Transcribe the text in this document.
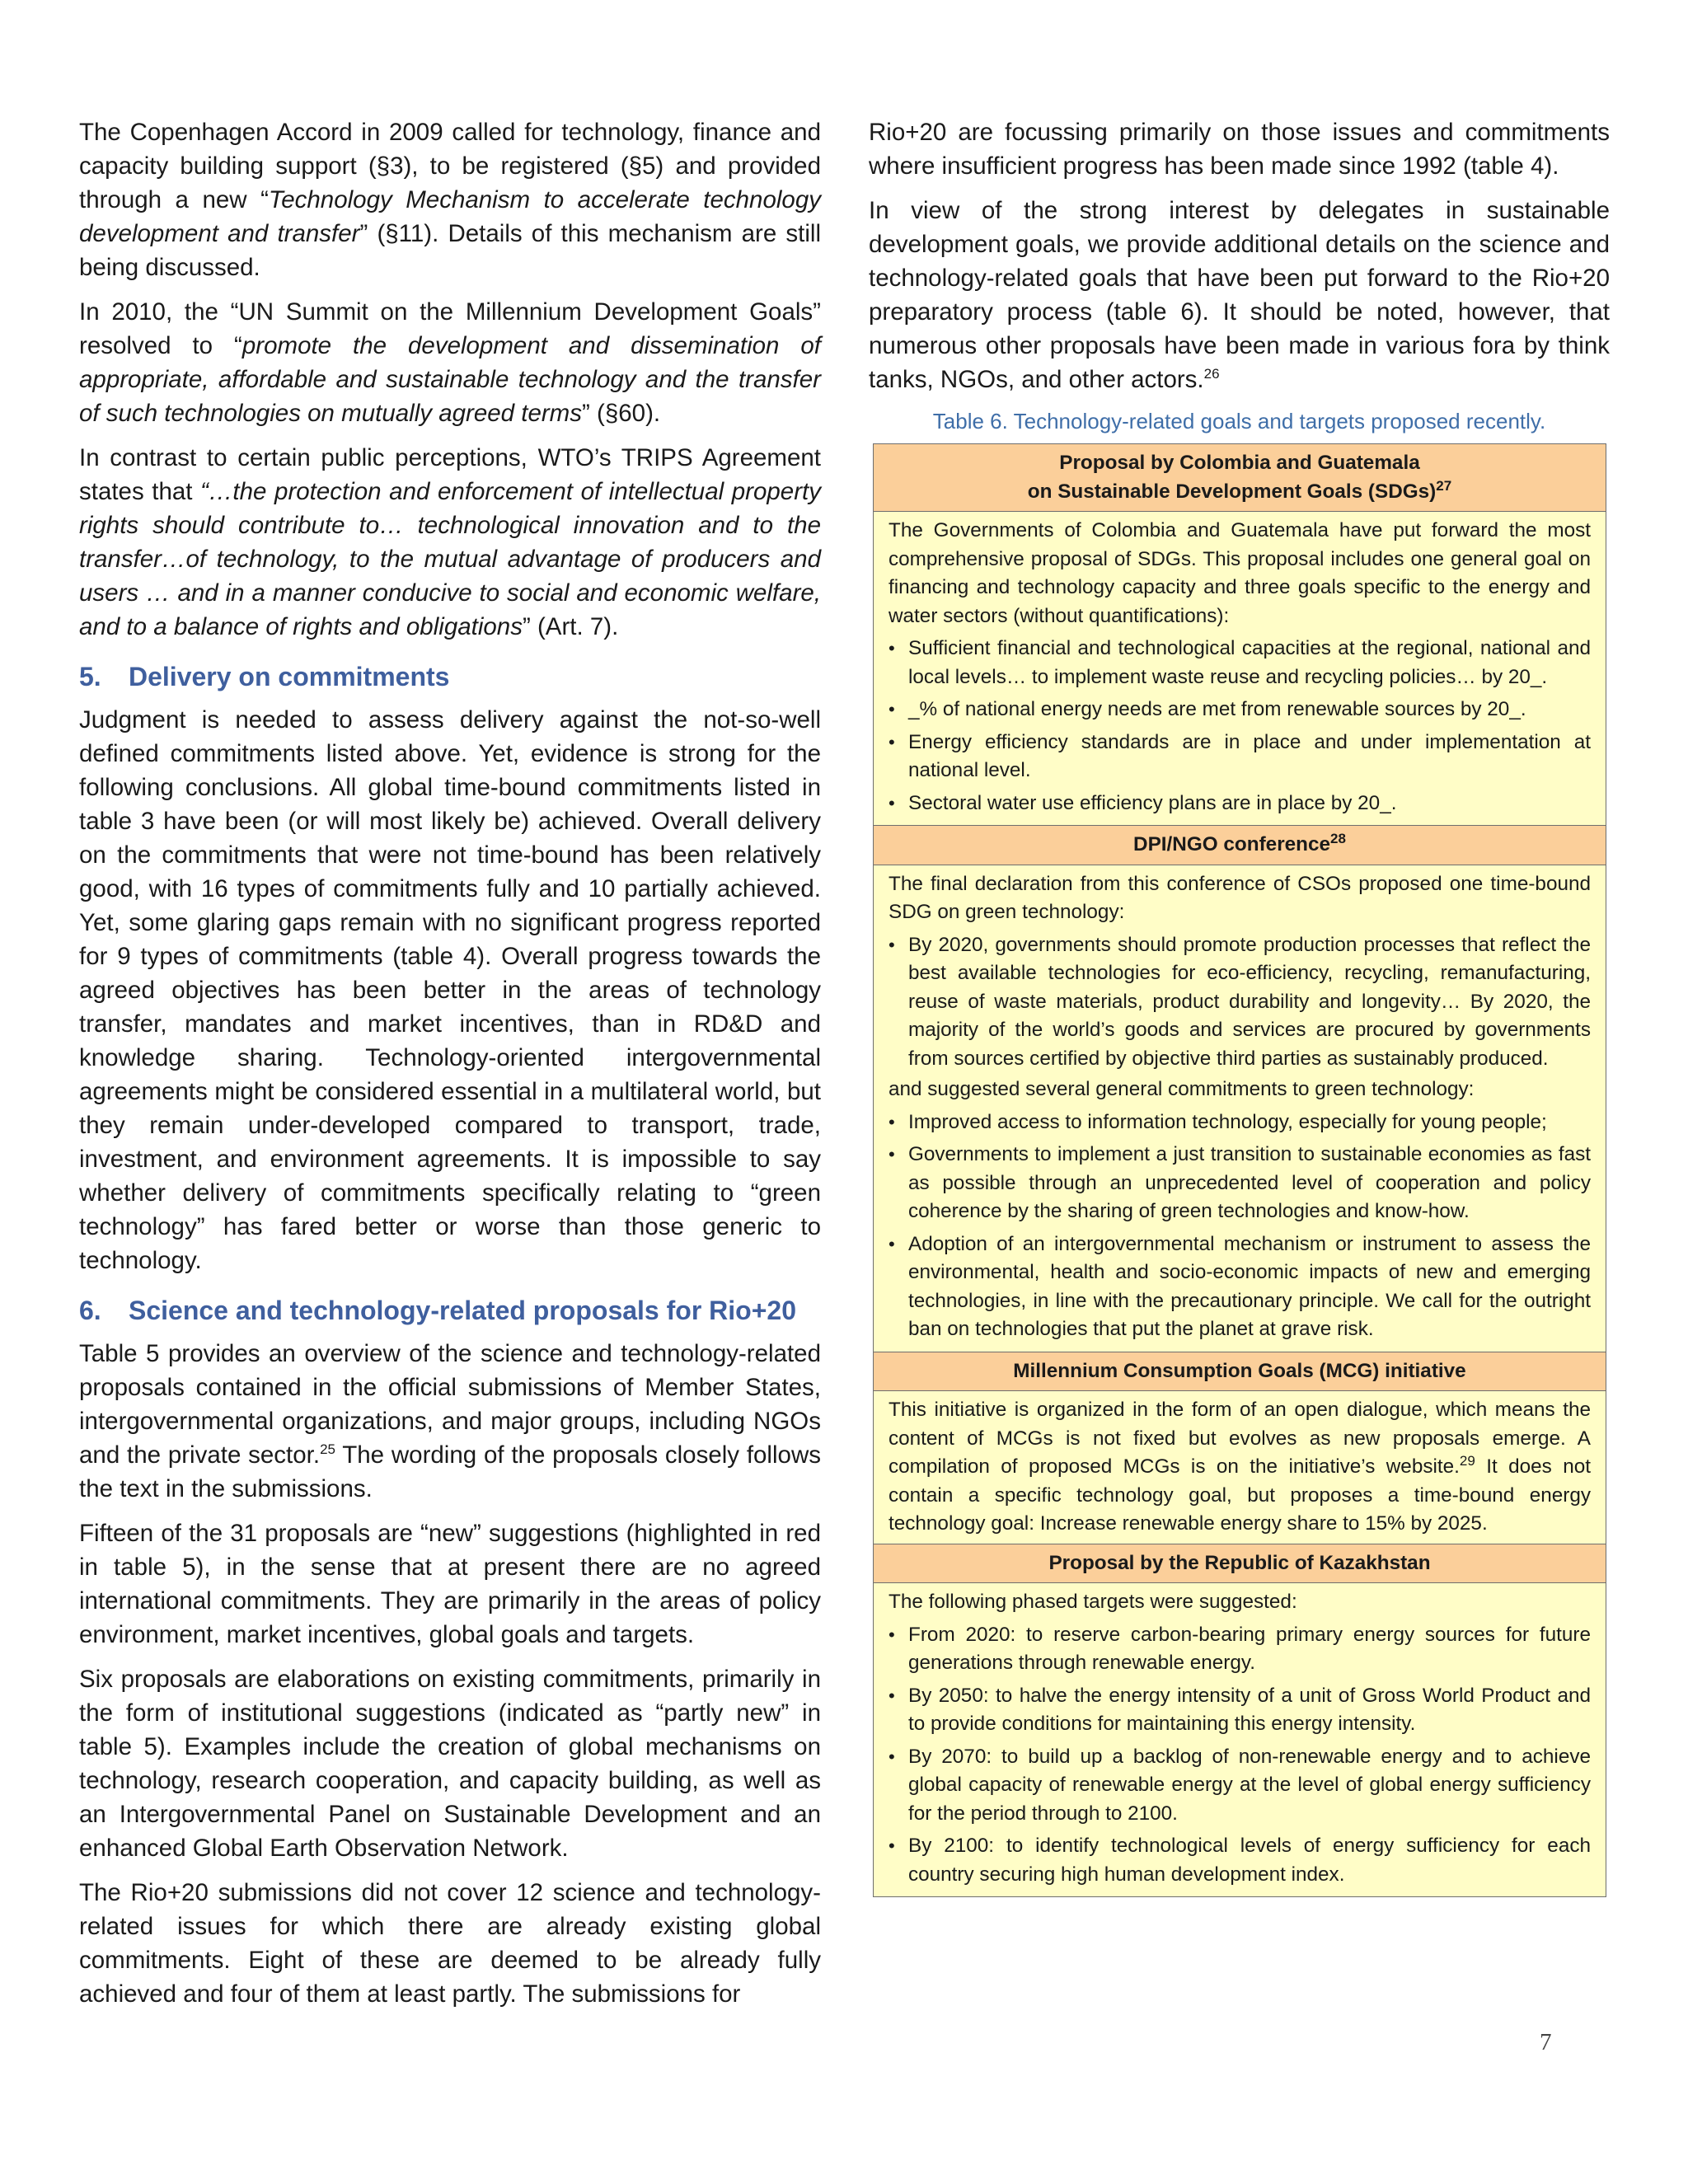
The Copenhagen Accord in 2009 called for technology, finance and capacity building support (§3), to be registered (§5) and provided through a new “Technology Mechanism to accelerate technology development and transfer” (§11). Details of this mechanism are still being discussed.

In 2010, the “UN Summit on the Millennium Development Goals” resolved to “promote the development and dissemination of appropriate, affordable and sustainable technology and the transfer of such technologies on mutually agreed terms” (§60).

In contrast to certain public perceptions, WTO’s TRIPS Agreement states that “…the protection and enforcement of intellectual property rights should contribute to… technological innovation and to the transfer…of technology, to the mutual advantage of producers and users … and in a manner conducive to social and economic welfare, and to a balance of rights and obligations” (Art. 7).

5. Delivery on commitments

Judgment is needed to assess delivery against the not-so-well defined commitments listed above. Yet, evidence is strong for the following conclusions. All global time-bound commitments listed in table 3 have been (or will most likely be) achieved. Overall delivery on the commitments that were not time-bound has been relatively good, with 16 types of commitments fully and 10 partially achieved. Yet, some glaring gaps remain with no significant progress reported for 9 types of commitments (table 4). Overall progress towards the agreed objectives has been better in the areas of technology transfer, mandates and market incentives, than in RD&D and knowledge sharing. Technology-oriented intergovernmental agreements might be considered essential in a multilateral world, but they remain under-developed compared to transport, trade, investment, and environment agreements. It is impossible to say whether delivery of commitments specifically relating to “green technology” has fared better or worse than those generic to technology.

6. Science and technology-related proposals for Rio+20

Table 5 provides an overview of the science and technology-related proposals contained in the official submissions of Member States, intergovernmental organizations, and major groups, including NGOs and the private sector.$^{25}$ The wording of the proposals closely follows the text in the submissions.

Fifteen of the 31 proposals are “new” suggestions (highlighted in red in table 5), in the sense that at present there are no agreed international commitments. They are primarily in the areas of policy environment, market incentives, global goals and targets.

Six proposals are elaborations on existing commitments, primarily in the form of institutional suggestions (indicated as “partly new” in table 5). Examples include the creation of global mechanisms on technology, research cooperation, and capacity building, as well as an Intergovernmental Panel on Sustainable Development and an enhanced Global Earth Observation Network.

The Rio+20 submissions did not cover 12 science and technology-related issues for which there are already existing global commitments. Eight of these are deemed to be already fully achieved and four of them at least partly. The submissions for

Rio+20 are focussing primarily on those issues and commitments where insufficient progress has been made since 1992 (table 4).

In view of the strong interest by delegates in sustainable development goals, we provide additional details on the science and technology-related goals that have been put forward to the Rio+20 preparatory process (table 6). It should be noted, however, that numerous other proposals have been made in various fora by think tanks, NGOs, and other actors.$^{26}$

Table 6. Technology-related goals and targets proposed recently.
Proposal by Colombia and Guatemala
on Sustainable Development Goals (SDGs)$^{27}$

The Governments of Colombia and Guatemala have put forward the most comprehensive proposal of SDGs. This proposal includes one general goal on financing and technology capacity and three goals specific to the energy and water sectors (without quantifications):

• Sufficient financial and technological capacities at the regional, national and local levels… to implement waste reuse and recycling policies… by 20_.
• _% of national energy needs are met from renewable sources by 20_.
• Energy efficiency standards are in place and under implementation at national level.
• Sectoral water use efficiency plans are in place by 20_.

DPI/NGO conference$^{28}$

The final declaration from this conference of CSOs proposed one time-bound SDG on green technology:

• By 2020, governments should promote production processes that reflect the best available technologies for eco-efficiency, recycling, remanufacturing, reuse of waste materials, product durability and longevity… By 2020, the majority of the world’s goods and services are procured by governments from sources certified by objective third parties as sustainably produced.

and suggested several general commitments to green technology:

• Improved access to information technology, especially for young people;
• Governments to implement a just transition to sustainable economies as fast as possible through an unprecedented level of cooperation and policy coherence by the sharing of green technologies and know-how.
• Adoption of an intergovernmental mechanism or instrument to assess the environmental, health and socio-economic impacts of new and emerging technologies, in line with the precautionary principle. We call for the outright ban on technologies that put the planet at grave risk.

Millennium Consumption Goals (MCG) initiative
This initiative is organized in the form of an open dialogue, which means the content of MCGs is not fixed but evolves as new proposals emerge. A compilation of proposed MCGs is on the initiative’s website.$^{29}$ It does not contain a specific technology goal, but proposes a time-bound energy technology goal: Increase renewable energy share to 15% by 2025.
Proposal by the Republic of Kazakhstan

The following phased targets were suggested:

• From 2020: to reserve carbon-bearing primary energy sources for future generations through renewable energy.
• By 2050: to halve the energy intensity of a unit of Gross World Product and to provide conditions for maintaining this energy intensity.
• By 2070: to build up a backlog of non-renewable energy and to achieve global capacity of renewable energy at the level of global energy sufficiency for the period through to 2100.
• By 2100: to identify technological levels of energy sufficiency for each country securing high human development index.
7
